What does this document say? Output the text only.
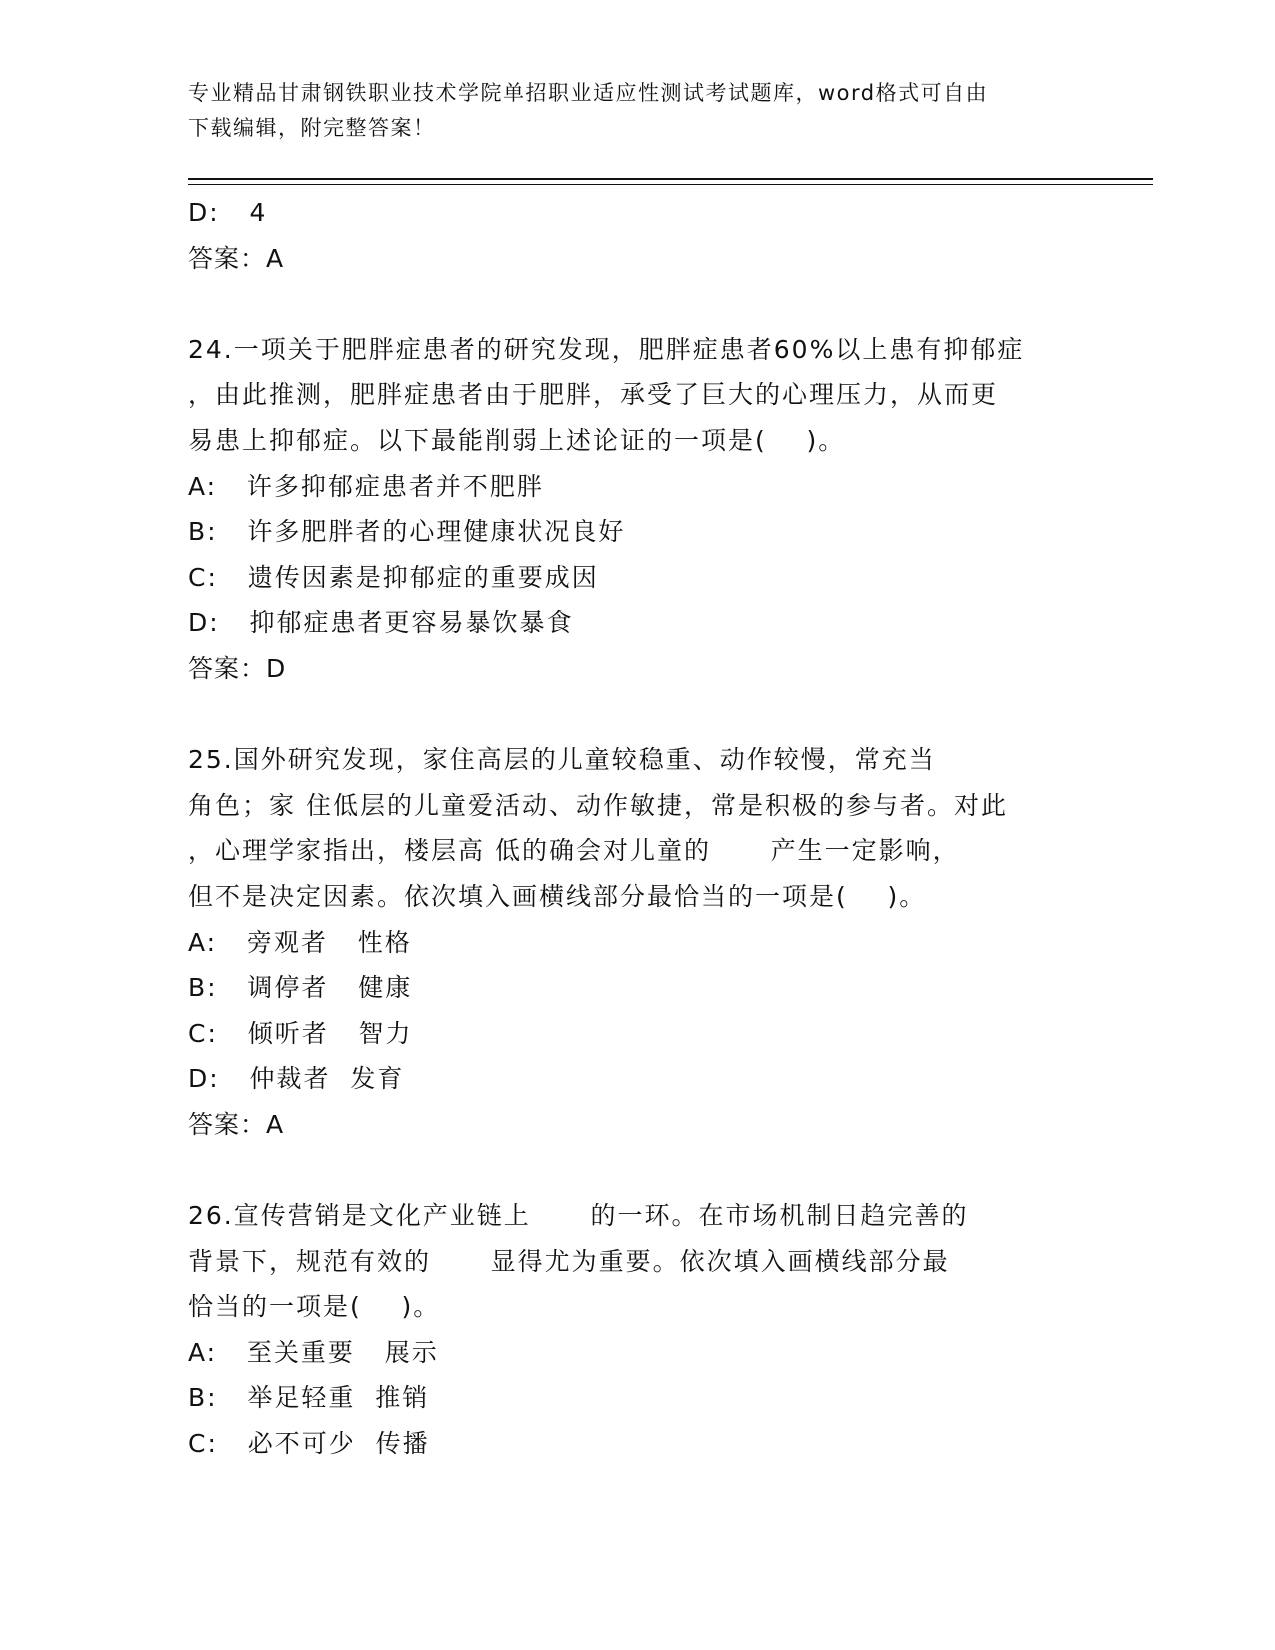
专业精品甘肃钢铁职业技术学院单招职业适应性测试考试题库，word格式可自由
下载编辑，附完整答案！
D:   4
答案：A
24.一项关于肥胖症患者的研究发现，肥胖症患者60%以上患有抑郁症
，由此推测，肥胖症患者由于肥胖，承受了巨大的心理压力，从而更
易患上抑郁症。以下最能削弱上述论证的一项是(    )。
A:   许多抑郁症患者并不肥胖
B:   许多肥胖者的心理健康状况良好
C:   遗传因素是抑郁症的重要成因
D:   抑郁症患者更容易暴饮暴食
答案：D
25.国外研究发现，家住高层的儿童较稳重、动作较慢，常充当
角色；家 住低层的儿童爱活动、动作敏捷，常是积极的参与者。对此
，心理学家指出，楼层高 低的确会对儿童的      产生一定影响，
但不是决定因素。依次填入画横线部分最恰当的一项是(    )。
A:   旁观者   性格
B:   调停者   健康
C:   倾听者   智力
D:   仲裁者  发育
答案：A
26.宣传营销是文化产业链上      的一环。在市场机制日趋完善的
背景下，规范有效的      显得尤为重要。依次填入画横线部分最
恰当的一项是(    )。
A:   至关重要   展示
B:   举足轻重  推销
C:   必不可少  传播
